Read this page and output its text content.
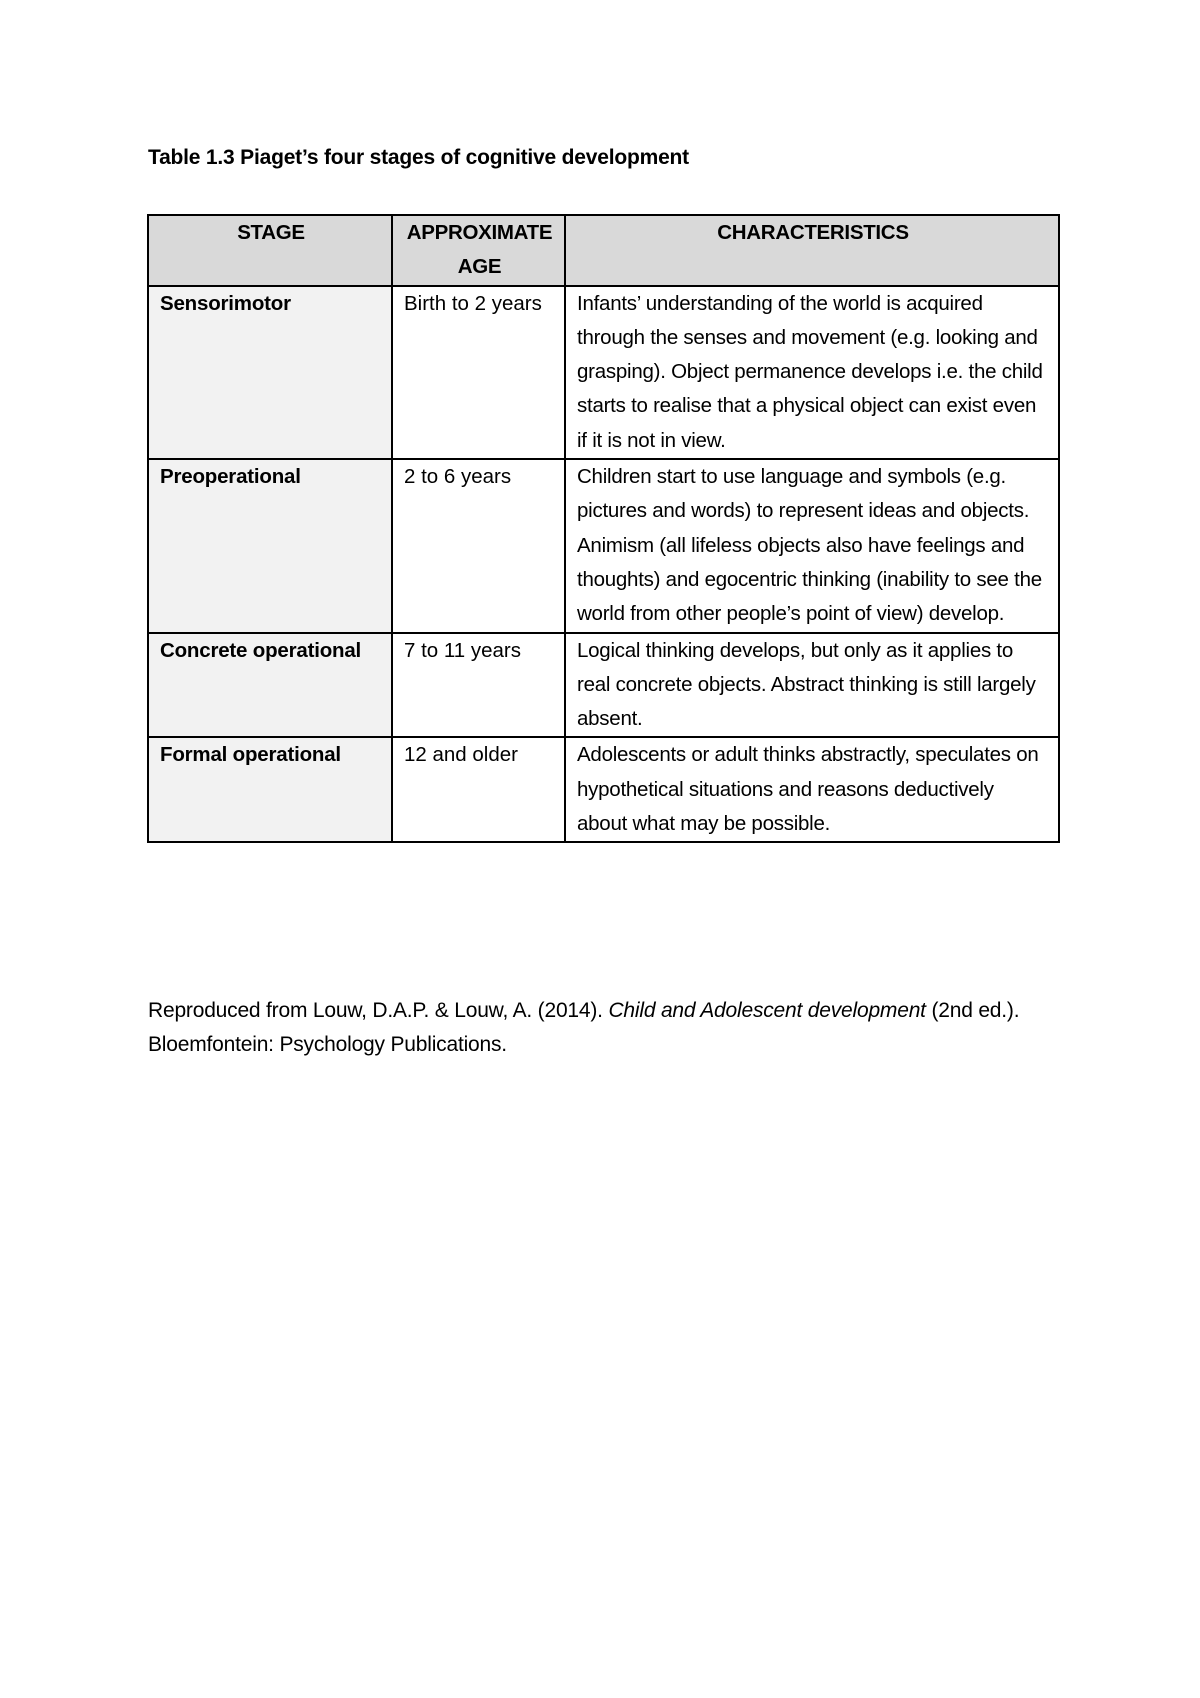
Table 1.3 Piaget’s four stages of cognitive development
STAGE	APPROXIMATE AGE	CHARACTERISTICS
Sensorimotor	Birth to 2 years	Infants’ understanding of the world is acquired through the senses and movement (e.g. looking and grasping). Object permanence develops i.e. the child starts to realise that a physical object can exist even if it is not in view.
Preoperational	2 to 6 years	Children start to use language and symbols (e.g. pictures and words) to represent ideas and objects. Animism (all lifeless objects also have feelings and thoughts) and egocentric thinking (inability to see the world from other people’s point of view) develop.
Concrete operational	7 to 11 years	Logical thinking develops, but only as it applies to real concrete objects. Abstract thinking is still largely absent.
Formal operational	12 and older	Adolescents or adult thinks abstractly, speculates on hypothetical situations and reasons deductively about what may be possible.

Reproduced from Louw, D.A.P. & Louw, A. (2014). Child and Adolescent development (2nd ed.). Bloemfontein: Psychology Publications.
